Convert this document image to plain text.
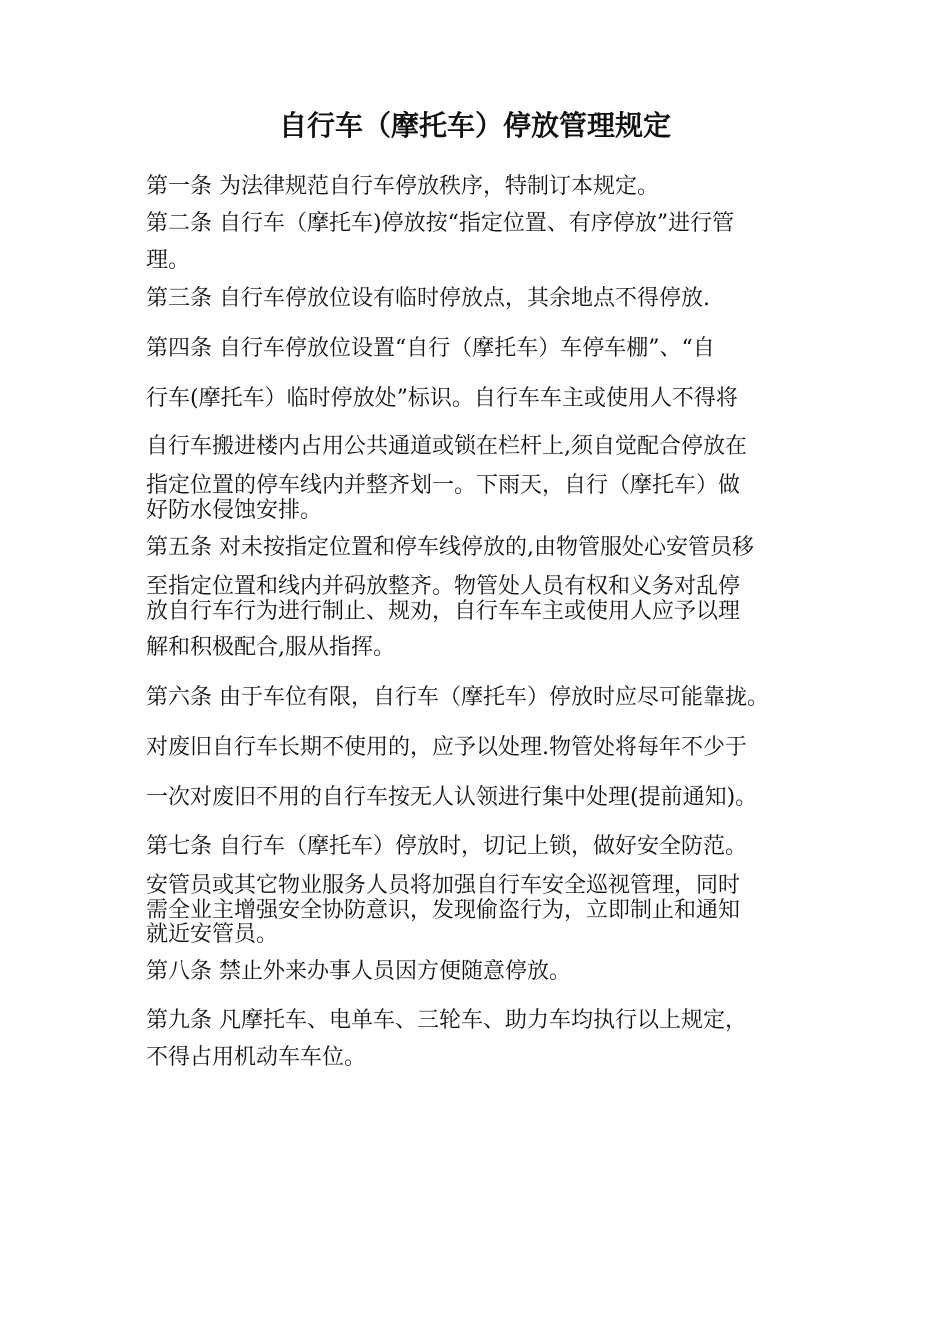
自行车（摩托车）停放管理规定
第一条 为法律规范自行车停放秩序，特制订本规定。
第二条 自行车（摩托车)停放按“指定位置、有序停放”进行管
理。
第三条 自行车停放位设有临时停放点，其余地点不得停放.
第四条 自行车停放位设置“自行（摩托车）车停车棚”、“自
行车(摩托车）临时停放处”标识。自行车车主或使用人不得将
自行车搬进楼内占用公共通道或锁在栏杆上,须自觉配合停放在
指定位置的停车线内并整齐划一。下雨天，自行（摩托车）做
好防水侵蚀安排。
第五条 对未按指定位置和停车线停放的,由物管服处心安管员移
至指定位置和线内并码放整齐。物管处人员有权和义务对乱停
放自行车行为进行制止、规劝，自行车车主或使用人应予以理
解和积极配合,服从指挥。
第六条 由于车位有限，自行车（摩托车）停放时应尽可能靠拢。
对废旧自行车长期不使用的，应予以处理.物管处将每年不少于
一次对废旧不用的自行车按无人认领进行集中处理(提前通知)。
第七条 自行车（摩托车）停放时，切记上锁，做好安全防范。
安管员或其它物业服务人员将加强自行车安全巡视管理，同时
需全业主增强安全协防意识，发现偷盗行为，立即制止和通知
就近安管员。
第八条 禁止外来办事人员因方便随意停放。
第九条 凡摩托车、电单车、三轮车、助力车均执行以上规定，
不得占用机动车车位。
